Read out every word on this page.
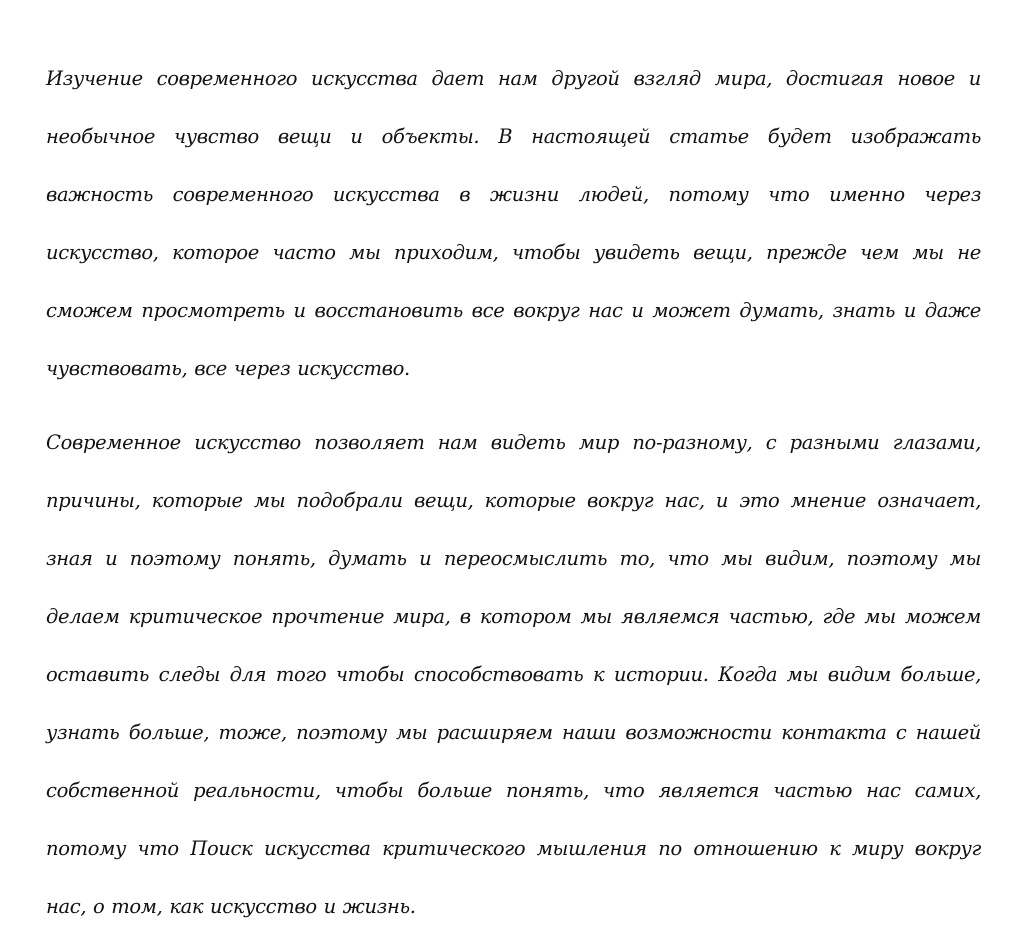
Изучение современного искусства дает нам другой взгляд мира, достигая новое и необычное чувство вещи и объекты. В настоящей статье будет изображать важность современного искусства в жизни людей, потому что именно через искусство, которое часто мы приходим, чтобы увидеть вещи, прежде чем мы не сможем просмотреть и восстановить все вокруг нас и может думать, знать и даже чувствовать, все через искусство.

Современное искусство позволяет нам видеть мир по-разному, с разными глазами, причины, которые мы подобрали вещи, которые вокруг нас, и это мнение означает, зная и поэтому понять, думать и переосмыслить то, что мы видим, поэтому мы делаем критическое прочтение мира, в котором мы являемся частью, где мы можем оставить следы для того чтобы способствовать к истории. Когда мы видим больше, узнать больше, тоже, поэтому мы расширяем наши возможности контакта с нашей собственной реальности, чтобы больше понять, что является частью нас самих, потому что Поиск искусства критического мышления по отношению к миру вокруг нас, о том, как искусство и жизнь.
